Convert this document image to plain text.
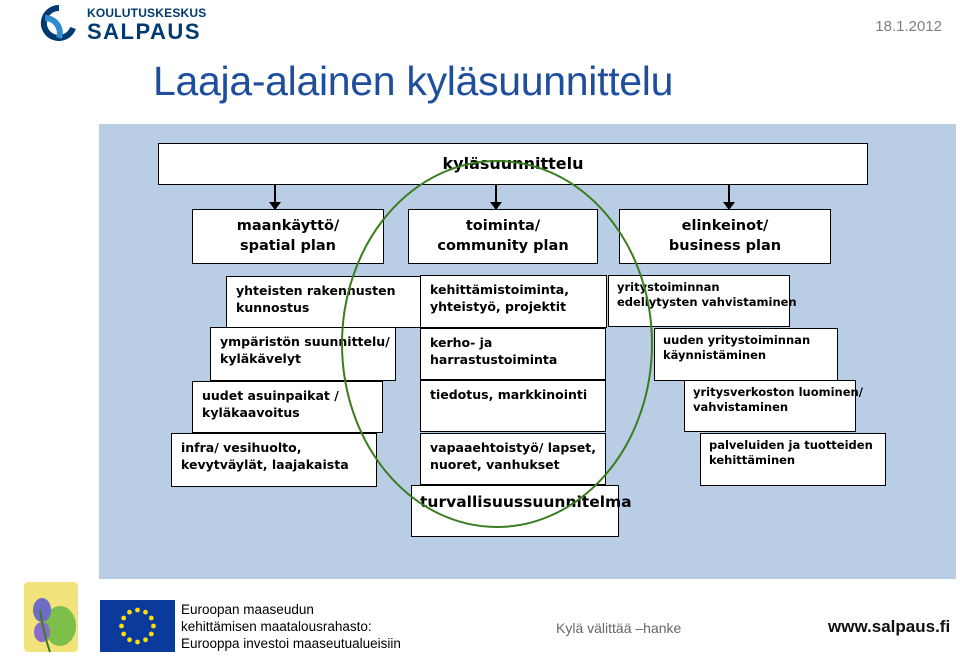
KOULUTUSKESKUS
SALPAUS	18.1.2012
Laaja-alainen kyläsuunnittelu
kyläsuunnittelu
maankäyttö/
spatial plan
toiminta/
community plan
elinkeinot/
business plan
yhteisten rakennusten
kunnostus
ympäristön suunnittelu/
kyläkävelyt
uudet asuinpaikat /
kyläkaavoitus
infra/ vesihuolto,
kevytväylät, laajakaista
kehittämistoiminta,
yhteistyö, projektit
kerho- ja
harrastustoiminta
tiedotus, markkinointi
vapaaehtoistyö/ lapset,
nuoret, vanhukset
yritystoiminnan
edellytysten vahvistaminen
uuden yritystoiminnan
käynnistäminen
yritysverkoston luominen/
vahvistaminen
palveluiden ja tuotteiden
kehittäminen
turvallisuussuunnitelma
Euroopan maaseudun
kehittämisen maatalousrahasto:
Eurooppa investoi maaseutualueisiin
Kylä välittää –hanke	www.salpaus.fi
